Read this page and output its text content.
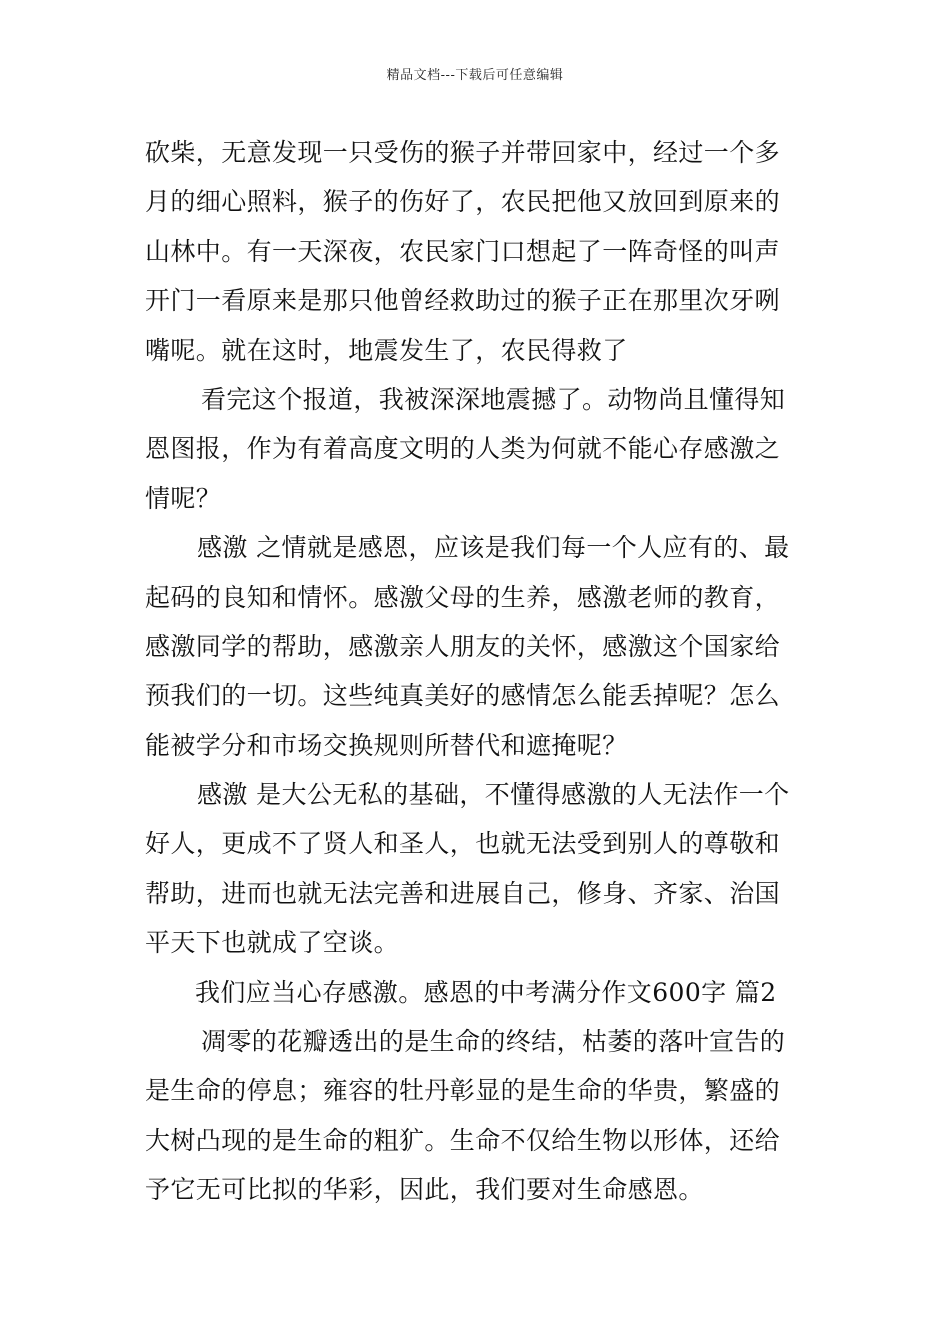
精品文档---下载后可任意编辑
砍柴，无意发现一只受伤的猴子并带回家中，经过一个多
月的细心照料，猴子的伤好了，农民把他又放回到原来的
山林中。有一天深夜，农民家门口想起了一阵奇怪的叫声
开门一看原来是那只他曾经救助过的猴子正在那里次牙咧
嘴呢。就在这时，地震发生了，农民得救了
看完这个报道，我被深深地震撼了。动物尚且懂得知
恩图报，作为有着高度文明的人类为何就不能心存感激之
情呢？
感激 之情就是感恩，应该是我们每一个人应有的、最
起码的良知和情怀。感激父母的生养，感激老师的教育，
感激同学的帮助，感激亲人朋友的关怀，感激这个国家给
预我们的一切。这些纯真美好的感情怎么能丢掉呢？怎么
能被学分和市场交换规则所替代和遮掩呢？
感激 是大公无私的基础，不懂得感激的人无法作一个
好人，更成不了贤人和圣人，也就无法受到别人的尊敬和
帮助，进而也就无法完善和进展自己，修身、齐家、治国
平天下也就成了空谈。
我们应当心存感激。感恩的中考满分作文600字 篇2
凋零的花瓣透出的是生命的终结，枯萎的落叶宣告的
是生命的停息；雍容的牡丹彰显的是生命的华贵，繁盛的
大树凸现的是生命的粗犷。生命不仅给生物以形体，还给
予它无可比拟的华彩，因此，我们要对生命感恩。
